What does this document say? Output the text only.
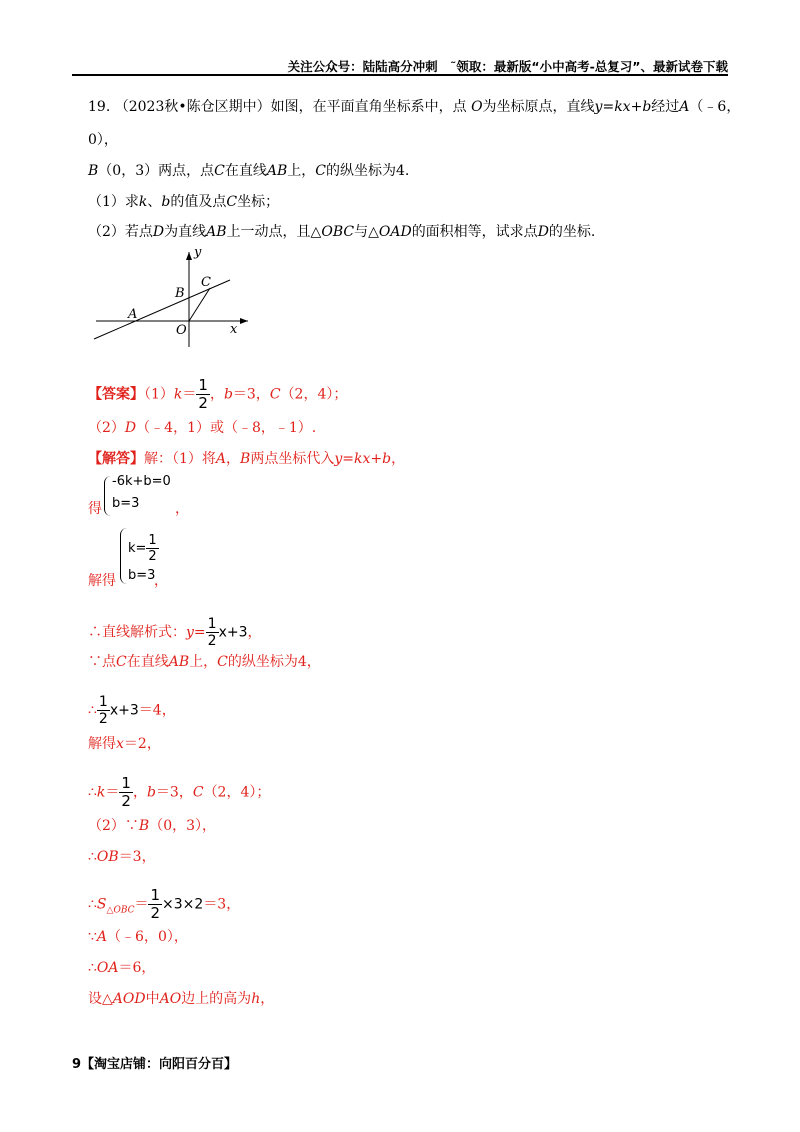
关注公众号：陆陆高分冲刺　˜领取：最新版“小中高考-总复习”、最新试卷下载
19. （2023秋•陈仓区期中）如图，在平面直角坐标系中，点 O为坐标原点，直线y=kx+b经过A（﹣6，
0），
B（0，3）两点，点C在直线AB上，C的纵坐标为4.
（1）求k、b的值及点C坐标；
（2）若点D为直线AB上一动点，且△OBC与△OAD的面积相等，试求点D的坐标.
A
B
C
O	x
y
【答案】$(1)k= \frac{1}{2}$ ，b＝3，C（2，4）；
（2）D（﹣4，1）或（﹣8，﹣1）.
【解答】解：（1）将A，B两点坐标代入y=kx+b，
得
-6k+b=0
b=3	，
解得
$k= \frac{1}{2}$
b=3
，
∴直线解析式：$y= \frac{1}{2} x+3$，
∵点C在直线AB上，C的纵坐标为4，
∴ $\frac{1}{2} x+3=4$，
解得x＝2，
∴k＝ $\frac{1}{2}$ ，b＝3，C（2，4）；
（2）∵B（0，3），
∴OB＝3，
$\therefore S_{\triangle OBC}= \frac{1}{2} \times 3\times 2=3$，
∵A（﹣6，0），
∴OA＝6，
设△AOD中AO边上的高为h，
9【淘宝店铺：向阳百分百】
